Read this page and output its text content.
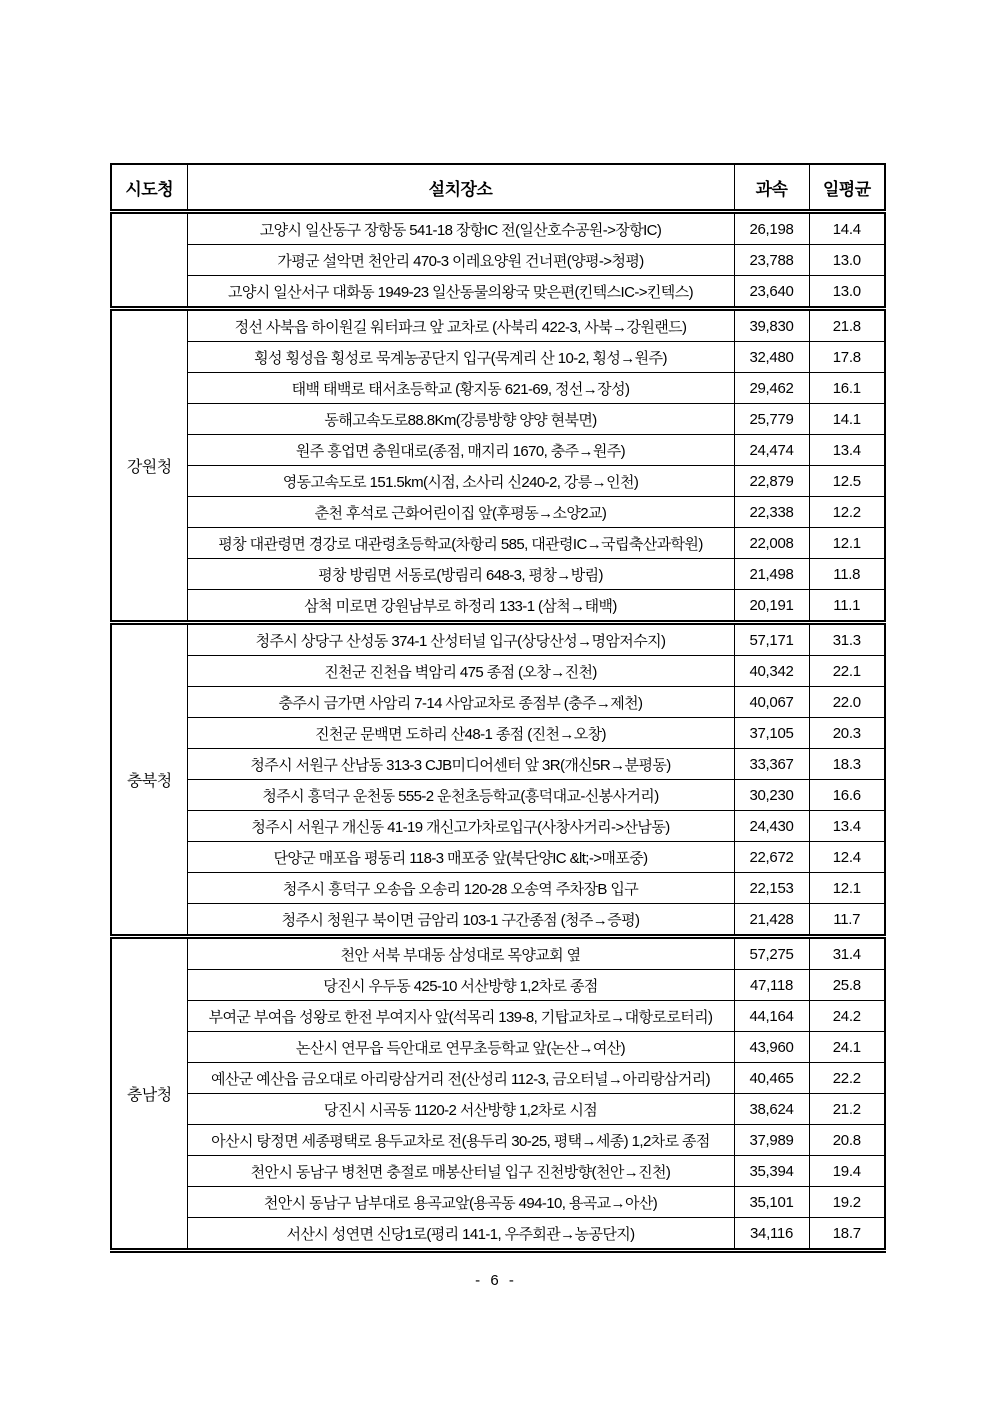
시도청	설치장소	과속	일평균
	고양시 일산동구 장항동 541-18 장항IC 전(일산호수공원->장항IC)	26,198	14.4
	가평군 설악면 천안리 470-3 이레요양원 건너편(양평->청평)	23,788	13.0
	고양시 일산서구 대화동 1949-23 일산동물의왕국 맞은편(킨텍스IC->킨텍스)	23,640	13.0
강원청	정선 사북읍 하이원길 워터파크 앞 교차로 (사북리 422-3, 사북→강원랜드)	39,830	21.8
	횡성 횡성읍 횡성로 묵계농공단지 입구(묵계리 산 10-2, 횡성→원주)	32,480	17.8
	태백 태백로 태서초등학교 (황지동 621-69, 정선→장성)	29,462	16.1
	동해고속도로88.8Km(강릉방향 양양 현북면)	25,779	14.1
	원주 흥업면 충원대로(종점, 매지리 1670, 충주→원주)	24,474	13.4
	영동고속도로 151.5km(시점, 소사리 신240-2, 강릉→인천)	22,879	12.5
	춘천 후석로 근화어린이집 앞(후평동→소양2교)	22,338	12.2
	평창 대관령면 경강로 대관령초등학교(차항리 585, 대관령IC→국립축산과학원)	22,008	12.1
	평창 방림면 서동로(방림리 648-3, 평창→방림)	21,498	11.8
	삼척 미로면 강원남부로 하정리 133-1 (삼척→태백)	20,191	11.1
충북청	청주시 상당구 산성동 374-1 산성터널 입구(상당산성→명암저수지)	57,171	31.3
	진천군 진천읍 벽암리 475 종점 (오창→진천)	40,342	22.1
	충주시 금가면 사암리 7-14 사암교차로 종점부 (충주→제천)	40,067	22.0
	진천군 문백면 도하리 산48-1 종점 (진천→오창)	37,105	20.3
	청주시 서원구 산남동 313-3 CJB미디어센터 앞 3R(개신5R→분평동)	33,367	18.3
	청주시 흥덕구 운천동 555-2 운천초등학교(흥덕대교-신봉사거리)	30,230	16.6
	청주시 서원구 개신동 41-19 개신고가차로입구(사창사거리->산남동)	24,430	13.4
	단양군 매포읍 평동리 118-3 매포중 앞(북단양IC &lt;->매포중)	22,672	12.4
	청주시 흥덕구 오송읍 오송리 120-28 오송역 주차장B 입구	22,153	12.1
	청주시 청원구 북이면 금암리 103-1 구간종점 (청주→증평)	21,428	11.7
충남청	천안 서북 부대동 삼성대로 목양교회 옆	57,275	31.4
	당진시 우두동 425-10 서산방향 1,2차로 종점	47,118	25.8
	부여군 부여읍 성왕로 한전 부여지사 앞(석목리 139-8, 기탑교차로→대항로로터리)	44,164	24.2
	논산시 연무읍 득안대로 연무초등학교 앞(논산→여산)	43,960	24.1
	예산군 예산읍 금오대로 아리랑삼거리 전(산성리 112-3, 금오터널→아리랑삼거리)	40,465	22.2
	당진시 시곡동 1120-2 서산방향 1,2차로 시점	38,624	21.2
	아산시 탕정면 세종평택로 용두교차로 전(용두리 30-25, 평택→세종) 1,2차로 종점	37,989	20.8
	천안시 동남구 병천면 충절로 매봉산터널 입구 진천방향(천안→진천)	35,394	19.4
	천안시 동남구 남부대로 용곡교앞(용곡동 494-10, 용곡교→아산)	35,101	19.2
	서산시 성연면 신당1로(평리 141-1, 우주회관→농공단지)	34,116	18.7
- 6 -
